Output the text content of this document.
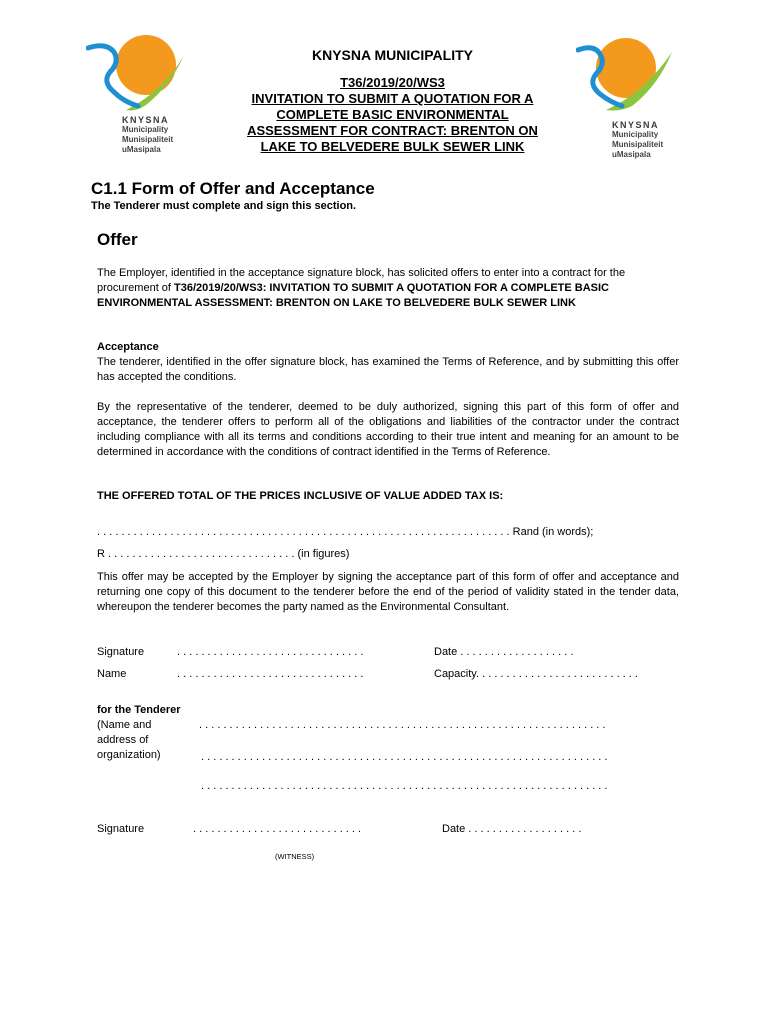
KNYSNA
Municipality
Munisipaliteit
uMasipala
KNYSNA
Municipality
Munisipaliteit
uMasipala
KNYSNA MUNICIPALITY
T36/2019/20/WS3
INVITATION TO SUBMIT A QUOTATION FOR A
COMPLETE BASIC ENVIRONMENTAL
ASSESSMENT FOR CONTRACT: BRENTON ON
LAKE TO BELVEDERE BULK SEWER LINK
C1.1 Form of Offer and Acceptance
The Tenderer must complete and sign this section.
Offer
The Employer, identified in the acceptance signature block, has solicited offers to enter into a contract for the procurement of T36/2019/20/WS3: INVITATION TO SUBMIT A QUOTATION FOR A COMPLETE BASIC ENVIRONMENTAL ASSESSMENT: BRENTON ON LAKE TO BELVEDERE BULK SEWER LINK
Acceptance
The tenderer, identified in the offer signature block, has examined the Terms of Reference, and by submitting this offer has accepted the conditions.
By the representative of the tenderer, deemed to be duly authorized, signing this part of this form of offer and acceptance, the tenderer offers to perform all of the obligations and liabilities of the contractor under the contract including compliance with all its terms and conditions according to their true intent and meaning for an amount to be determined in accordance with the conditions of contract identified in the Terms of Reference.
THE OFFERED TOTAL OF THE PRICES INCLUSIVE OF VALUE ADDED TAX IS:
. . . . . . . . . . . . . . . . . . . . . . . . . . . . . . . . . . . . . . . . . . . . . . . . . . . . . . . . . . . . . . . . . . . . Rand (in words);
R . . . . . . . . . . . . . . . . . . . . . . . . . . . . . . . (in figures)
This offer may be accepted by the Employer by signing the acceptance part of this form of offer and acceptance and returning one copy of this document to the tenderer before the end of the period of validity stated in the tender data, whereupon the tenderer becomes the party named as the Environmental Consultant.
Signature	. . . . . . . . . . . . . . . . . . . . . . . . . . . . . . .	Date . . . . . . . . . . . . . . . . . . .
Name	. . . . . . . . . . . . . . . . . . . . . . . . . . . . . . .	Capacity. . . . . . . . . . . . . . . . . . . . . . . . . . .
for the Tenderer
(Name and
address of
organization)
. . . . . . . . . . . . . . . . . . . . . . . . . . . . . . . . . . . . . . . . . . . . . . . . . . . . . . . . . . . . . . . . . . .
. . . . . . . . . . . . . . . . . . . . . . . . . . . . . . . . . . . . . . . . . . . . . . . . . . . . . . . . . . . . . . . . . . .
. . . . . . . . . . . . . . . . . . . . . . . . . . . . . . . . . . . . . . . . . . . . . . . . . . . . . . . . . . . . . . . . . . .
Signature	. . . . . . . . . . . . . . . . . . . . . . . . . . . .	Date . . . . . . . . . . . . . . . . . . .
(WITNESS)
